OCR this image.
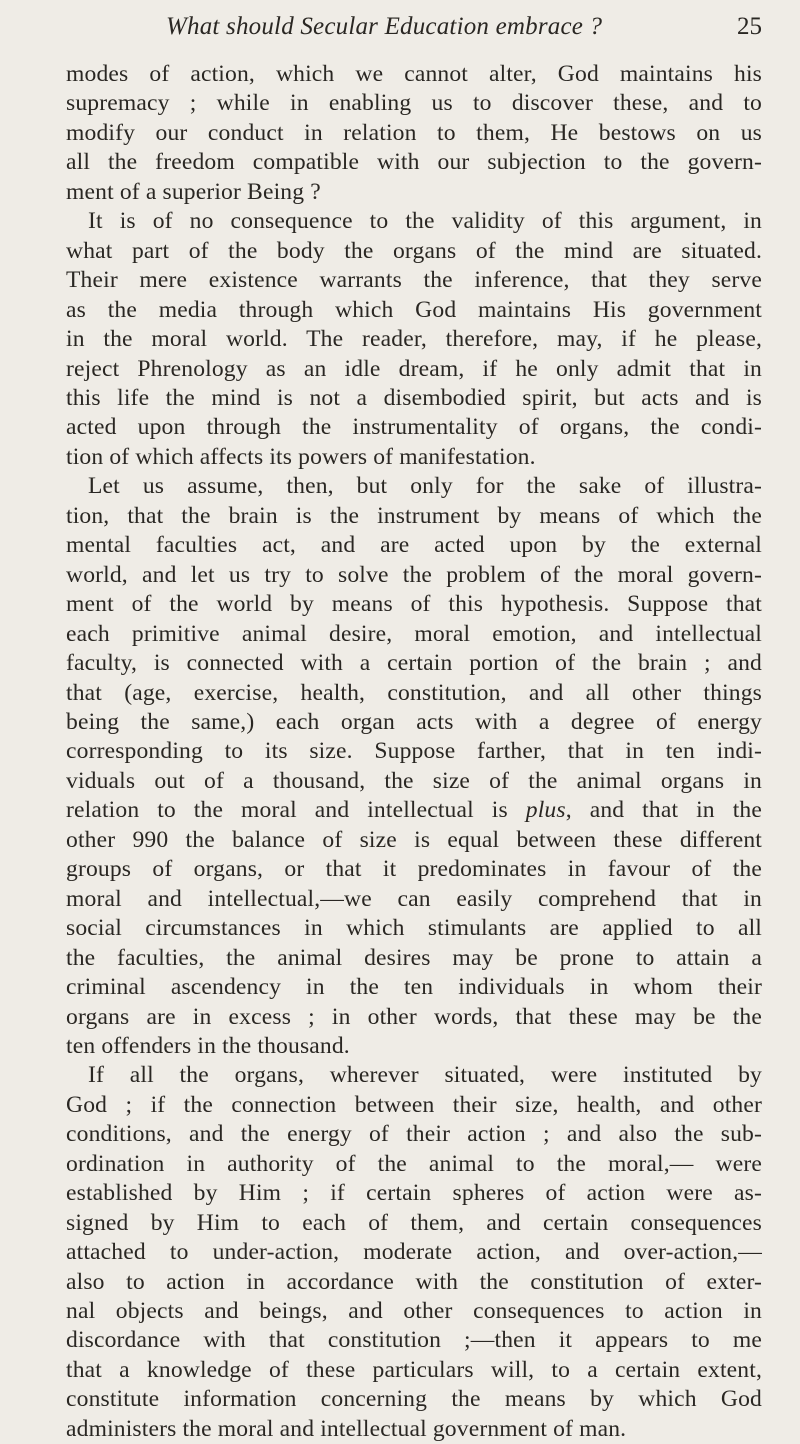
What should Secular Education embrace ?	25

modes of action, which we cannot alter, God maintains his
supremacy ; while in enabling us to discover these, and to
modify our conduct in relation to them, He bestows on us
all the freedom compatible with our subjection to the govern-
ment of a superior Being ?

It is of no consequence to the validity of this argument, in
what part of the body the organs of the mind are situated.
Their mere existence warrants the inference, that they serve
as the media through which God maintains His government
in the moral world. The reader, therefore, may, if he please,
reject Phrenology as an idle dream, if he only admit that in
this life the mind is not a disembodied spirit, but acts and is
acted upon through the instrumentality of organs, the condi-
tion of which affects its powers of manifestation.

Let us assume, then, but only for the sake of illustra-
tion, that the brain is the instrument by means of which the
mental faculties act, and are acted upon by the external
world, and let us try to solve the problem of the moral govern-
ment of the world by means of this hypothesis. Suppose that
each primitive animal desire, moral emotion, and intellectual
faculty, is connected with a certain portion of the brain ; and
that (age, exercise, health, constitution, and all other things
being the same,) each organ acts with a degree of energy
corresponding to its size. Suppose farther, that in ten indi-
viduals out of a thousand, the size of the animal organs in
relation to the moral and intellectual is plus, and that in the
other 990 the balance of size is equal between these different
groups of organs, or that it predominates in favour of the
moral and intellectual,—we can easily comprehend that in
social circumstances in which stimulants are applied to all
the faculties, the animal desires may be prone to attain a
criminal ascendency in the ten individuals in whom their
organs are in excess ; in other words, that these may be the
ten offenders in the thousand.

If all the organs, wherever situated, were instituted by
God ; if the connection between their size, health, and other
conditions, and the energy of their action ; and also the sub-
ordination in authority of the animal to the moral,— were
established by Him ; if certain spheres of action were as-
signed by Him to each of them, and certain consequences
attached to under-action, moderate action, and over-action,—
also to action in accordance with the constitution of exter-
nal objects and beings, and other consequences to action in
discordance with that constitution ;—then it appears to me
that a knowledge of these particulars will, to a certain extent,
constitute information concerning the means by which God
administers the moral and intellectual government of man.
